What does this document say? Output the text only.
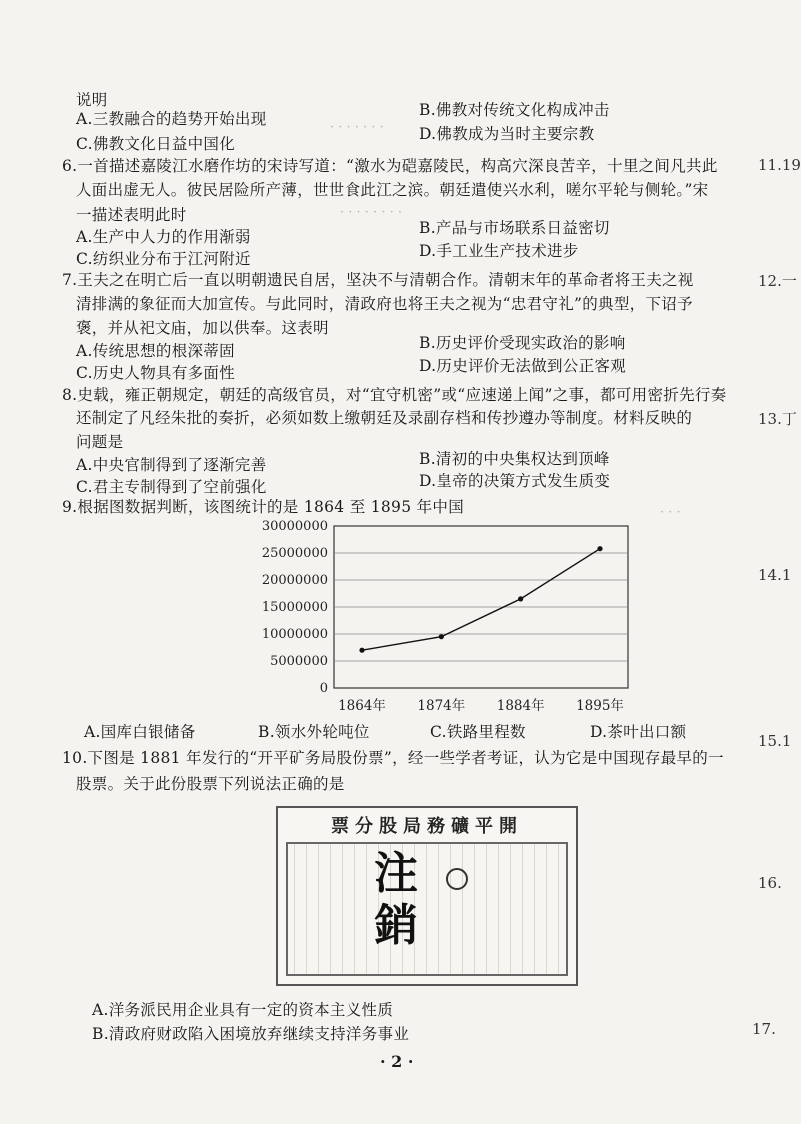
· · · · · · ·
· · · · · · · ·
· · ·
11.19
12.一
13.丁
14.1
15.1
16.
17.
说明
A.三教融合的趋势开始出现	B.佛教对传统文化构成冲击
C.佛教文化日益中国化
D.佛教成为当时主要宗教
6.一首描述嘉陵江水磨作坊的宋诗写道：“激水为硙嘉陵民，构高穴深良苦辛，十里之间凡共此
人面出虚无人。彼民居险所产薄，世世食此江之滨。朝廷遣使兴水利，嗟尔平轮与侧轮。”宋
一描述表明此时
A.生产中人力的作用渐弱	B.产品与市场联系日益密切
C.纺织业分布于江河附近	D.手工业生产技术进步
7.王夫之在明亡后一直以明朝遗民自居，坚决不与清朝合作。清朝末年的革命者将王夫之视
清排满的象征而大加宣传。与此同时，清政府也将王夫之视为“忠君守礼”的典型，下诏予
褒，并从祀文庙，加以供奉。这表明
A.传统思想的根深蒂固	B.历史评价受现实政治的影响
C.历史人物具有多面性	D.历史评价无法做到公正客观
8.史载，雍正朝规定，朝廷的高级官员，对“宜守机密”或“应速递上闻”之事，都可用密折先行奏
还制定了凡经朱批的奏折，必须如数上缴朝廷及录副存档和传抄遵办等制度。材料反映的
问题是
A.中央官制得到了逐渐完善	B.清初的中央集权达到顶峰
C.君主专制得到了空前强化	D.皇帝的决策方式发生质变
9.根据图数据判断，该图统计的是 1864 至 1895 年中国
A.国库白银储备	B.领水外轮吨位	C.铁路里程数	D.茶叶出口额
10.下图是 1881 年发行的“开平矿务局股份票”，经一些学者考证，认为它是中国现存最早的一
股票。关于此份股票下列说法正确的是
A.洋务派民用企业具有一定的资本主义性质
B.清政府财政陷入困境放弃继续支持洋务事业
30000000
25000000
20000000
15000000
10000000
5000000
0
1864年 1874年 1884年 1895年
票分股局務礦平開
注銷
· 2 ·
